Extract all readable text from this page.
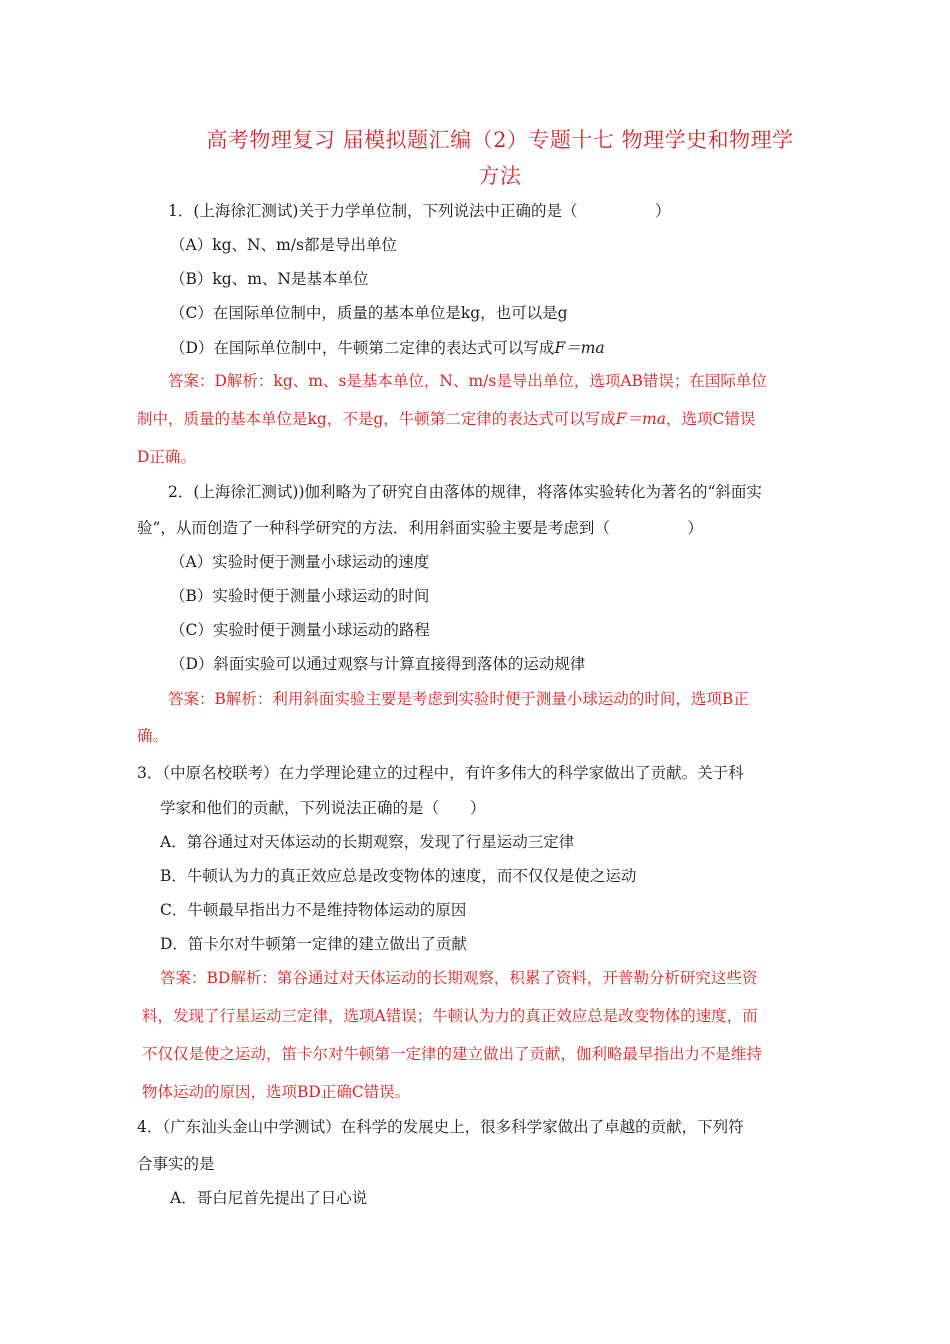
高考物理复习 届模拟题汇编（2）专题十七 物理学史和物理学
方法
1．(上海徐汇测试)关于力学单位制，下列说法中正确的是（　　　　　）
（A）kg、N、m/s都是导出单位
（B）kg、m、N是基本单位
（C）在国际单位制中，质量的基本单位是kg，也可以是g
（D）在国际单位制中，牛顿第二定律的表达式可以写成F＝ma
答案：D解析：kg、m、s是基本单位，N、m/s是导出单位，选项AB错误；在国际单位
制中，质量的基本单位是kg，不是g，牛顿第二定律的表达式可以写成F＝ma，选项C错误
D正确。
2．(上海徐汇测试))伽利略为了研究自由落体的规律，将落体实验转化为著名的“斜面实
验”，从而创造了一种科学研究的方法．利用斜面实验主要是考虑到（　　　　　）
（A）实验时便于测量小球运动的速度
（B）实验时便于测量小球运动的时间
（C）实验时便于测量小球运动的路程
（D）斜面实验可以通过观察与计算直接得到落体的运动规律
答案：B解析：利用斜面实验主要是考虑到实验时便于测量小球运动的时间，选项B正
确。
3．（中原名校联考）在力学理论建立的过程中，有许多伟大的科学家做出了贡献。关于科
学家和他们的贡献，下列说法正确的是（　　）
A．第谷通过对天体运动的长期观察，发现了行星运动三定律
B．牛顿认为力的真正效应总是改变物体的速度，而不仅仅是使之运动
C．牛顿最早指出力不是维持物体运动的原因
D．笛卡尔对牛顿第一定律的建立做出了贡献
答案：BD解析：第谷通过对天体运动的长期观察，积累了资料，开普勒分析研究这些资
料，发现了行星运动三定律，选项A错误；牛顿认为力的真正效应总是改变物体的速度，而
不仅仅是使之运动，笛卡尔对牛顿第一定律的建立做出了贡献，伽利略最早指出力不是维持
物体运动的原因，选项BD正确C错误。
4．（广东汕头金山中学测试）在科学的发展史上，很多科学家做出了卓越的贡献，下列符
合事实的是
A．哥白尼首先提出了日心说
